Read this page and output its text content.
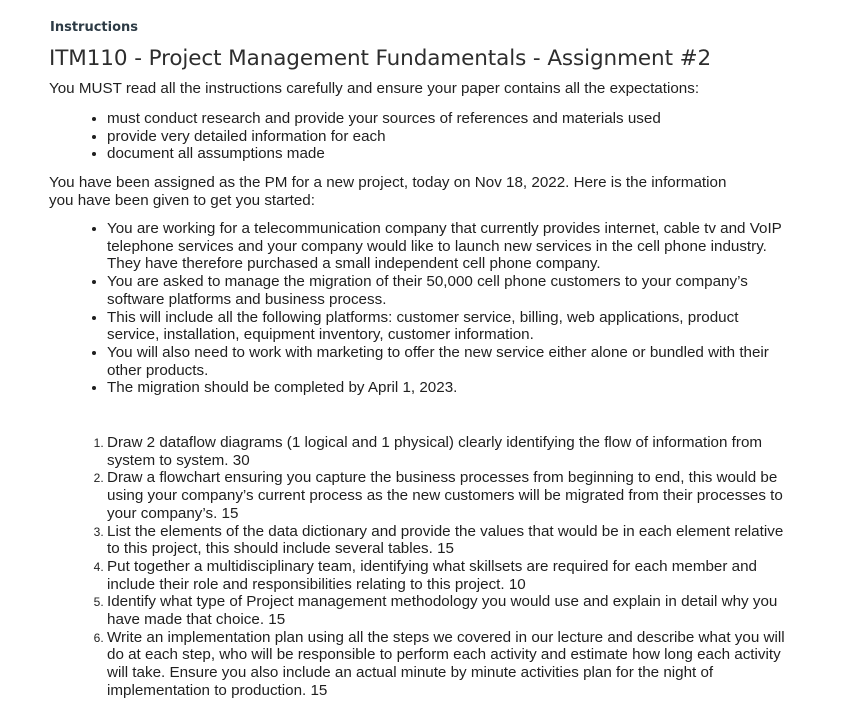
Instructions
ITM110 - Project Management Fundamentals - Assignment #2

You MUST read all the instructions carefully and ensure your paper contains all the expectations:

• must conduct research and provide your sources of references and materials used
• provide very detailed information for each
• document all assumptions made

You have been assigned as the PM for a new project, today on Nov 18, 2022. Here is the information you have been given to get you started:

• You are working for a telecommunication company that currently provides internet, cable tv and VoIP telephone services and your company would like to launch new services in the cell phone industry. They have therefore purchased a small independent cell phone company.
• You are asked to manage the migration of their 50,000 cell phone customers to your company’s software platforms and business process.
• This will include all the following platforms: customer service, billing, web applications, product service, installation, equipment inventory, customer information.
• You will also need to work with marketing to offer the new service either alone or bundled with their other products.
• The migration should be completed by April 1, 2023.
1. Draw 2 dataflow diagrams (1 logical and 1 physical) clearly identifying the flow of information from system to system. 30
2. Draw a flowchart ensuring you capture the business processes from beginning to end, this would be using your company’s current process as the new customers will be migrated from their processes to your company’s. 15
3. List the elements of the data dictionary and provide the values that would be in each element relative to this project, this should include several tables. 15
4. Put together a multidisciplinary team, identifying what skillsets are required for each member and include their role and responsibilities relating to this project. 10
5. Identify what type of Project management methodology you would use and explain in detail why you have made that choice. 15
6. Write an implementation plan using all the steps we covered in our lecture and describe what you will do at each step, who will be responsible to perform each activity and estimate how long each activity will take. Ensure you also include an actual minute by minute activities plan for the night of implementation to production. 15
